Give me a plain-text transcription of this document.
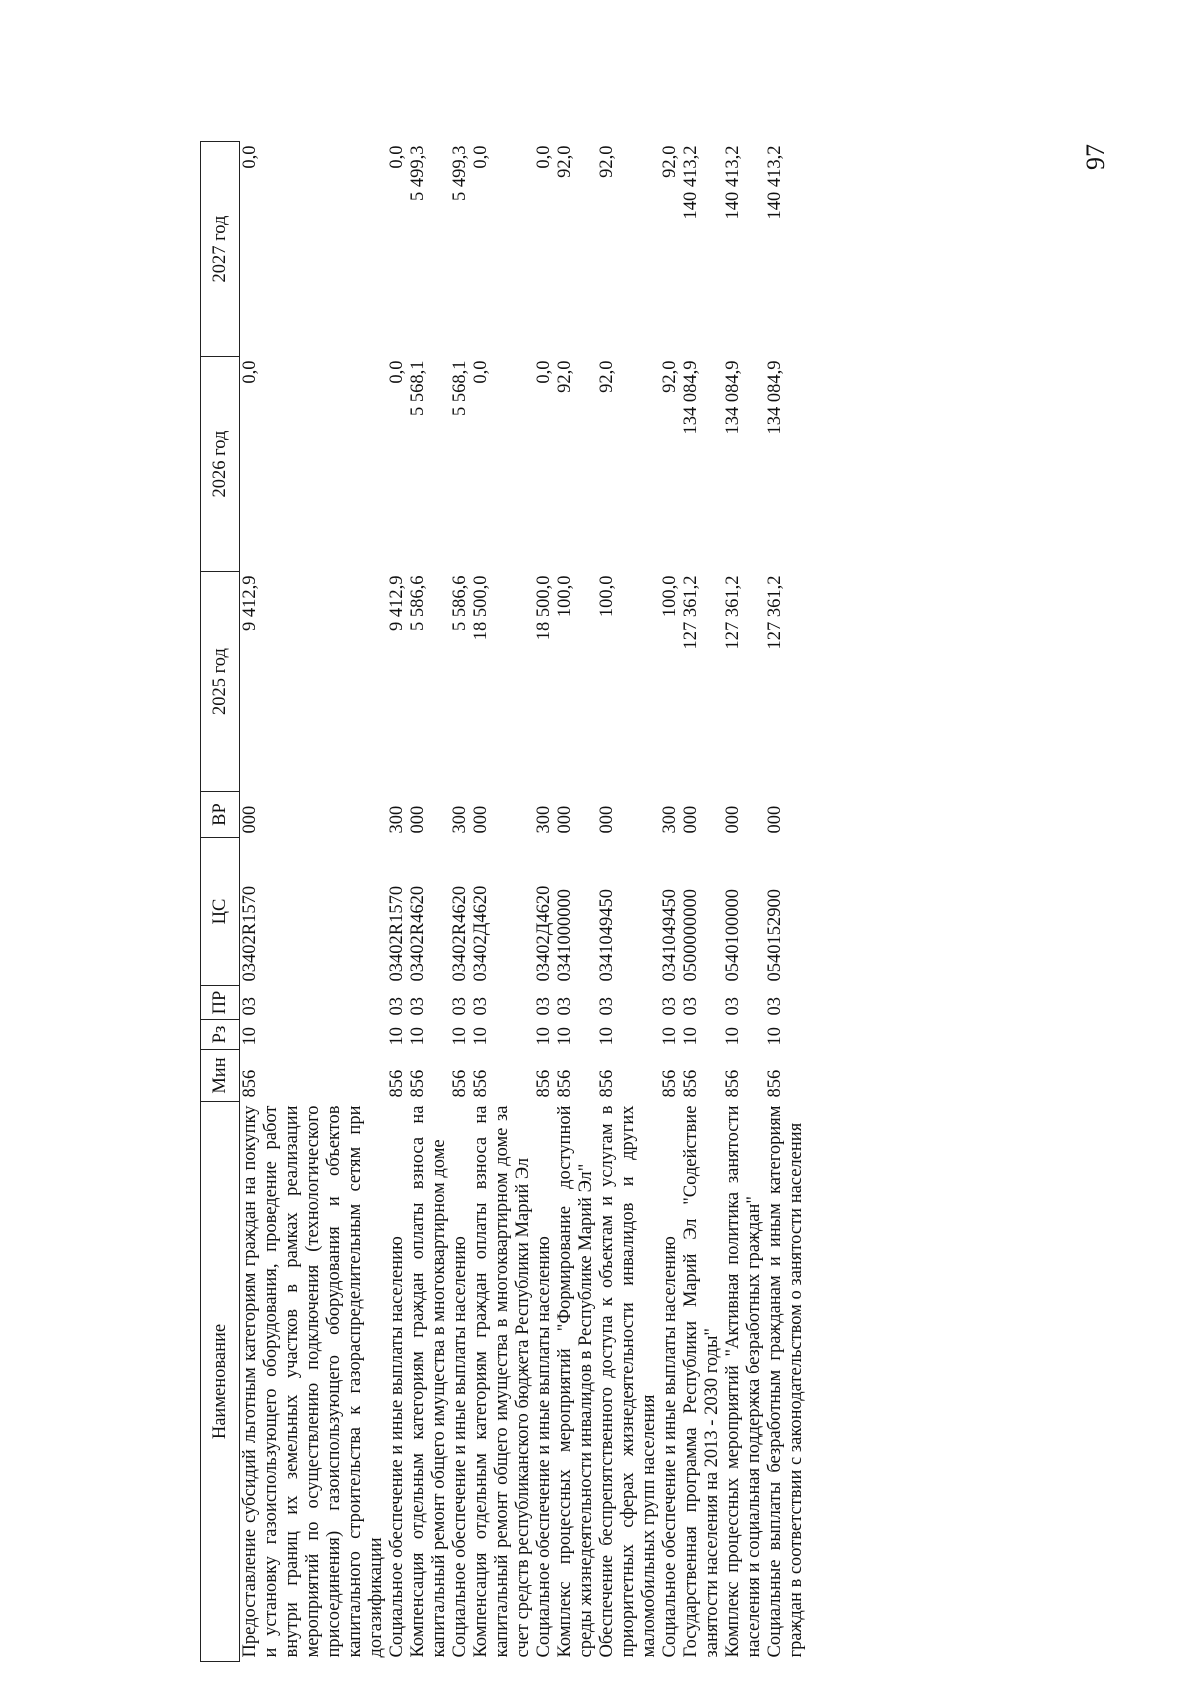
97
Наименование	Мин	Рз	ПР	ЦС	ВР	2025 год	2026 год	2027 год
Предоставление субсидий льготным категориям граждан на покупку и установку газоиспользующего оборудования, проведение работ внутри границ их земельных участков в рамках реализации мероприятий по осуществлению подключения (технологического присоединения) газоиспользующего оборудования и объектов капитального строительства к газораспределительным сетям при догазификации	856	10	03	03402R1570	000	9 412,9	0,0	0,0
Социальное обеспечение и иные выплаты населению	856	10	03	03402R1570	300	9 412,9	0,0	0,0
Компенсация отдельным категориям граждан оплаты взноса на капитальный ремонт общего имущества в многоквартирном доме	856	10	03	03402R4620	000	5 586,6	5 568,1	5 499,3
Социальное обеспечение и иные выплаты населению	856	10	03	03402R4620	300	5 586,6	5 568,1	5 499,3
Компенсация отдельным категориям граждан оплаты взноса на капитальный ремонт общего имущества в многоквартирном доме за счет средств республиканского бюджета Республики Марий Эл	856	10	03	03402Д4620	000	18 500,0	0,0	0,0
Социальное обеспечение и иные выплаты населению	856	10	03	03402Д4620	300	18 500,0	0,0	0,0
Комплекс процессных мероприятий "Формирование доступной среды жизнедеятельности инвалидов в Республике Марий Эл"	856	10	03	0341000000	000	100,0	92,0	92,0
Обеспечение беспрепятственного доступа к объектам и услугам в приоритетных сферах жизнедеятельности инвалидов и других маломобильных групп населения	856	10	03	0341049450	000	100,0	92,0	92,0
Социальное обеспечение и иные выплаты населению	856	10	03	0341049450	300	100,0	92,0	92,0
Государственная программа Республики Марий Эл "Содействие занятости населения на 2013 - 2030 годы"	856	10	03	0500000000	000	127 361,2	134 084,9	140 413,2
Комплекс процессных мероприятий "Активная политика занятости населения и социальная поддержка безработных граждан"	856	10	03	0540100000	000	127 361,2	134 084,9	140 413,2
Социальные выплаты безработным гражданам и иным категориям граждан в соответствии с законодательством о занятости населения	856	10	03	0540152900	000	127 361,2	134 084,9	140 413,2
